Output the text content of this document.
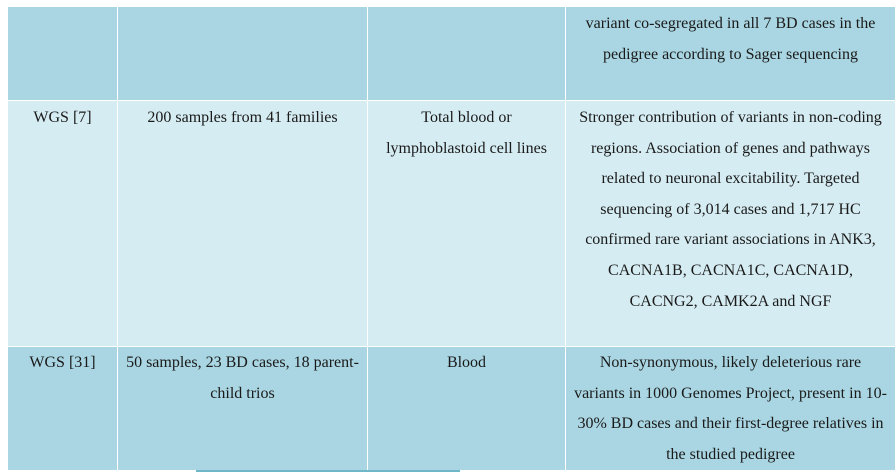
			variant co-segregated in all 7 BD cases in the pedigree according to Sager sequencing
WGS [7]	200 samples from 41 families	Total blood or lymphoblastoid cell lines	Stronger contribution of variants in non-coding regions. Association of genes and pathways related to neuronal excitability. Targeted sequencing of 3,014 cases and 1,717 HC confirmed rare variant associations in ANK3, CACNA1B, CACNA1C, CACNA1D, CACNG2, CAMK2A and NGF
WGS [31]	50 samples, 23 BD cases, 18 parent-child trios	Blood	Non-synonymous, likely deleterious rare variants in 1000 Genomes Project, present in 10-30% BD cases and their first-degree relatives in the studied pedigree
